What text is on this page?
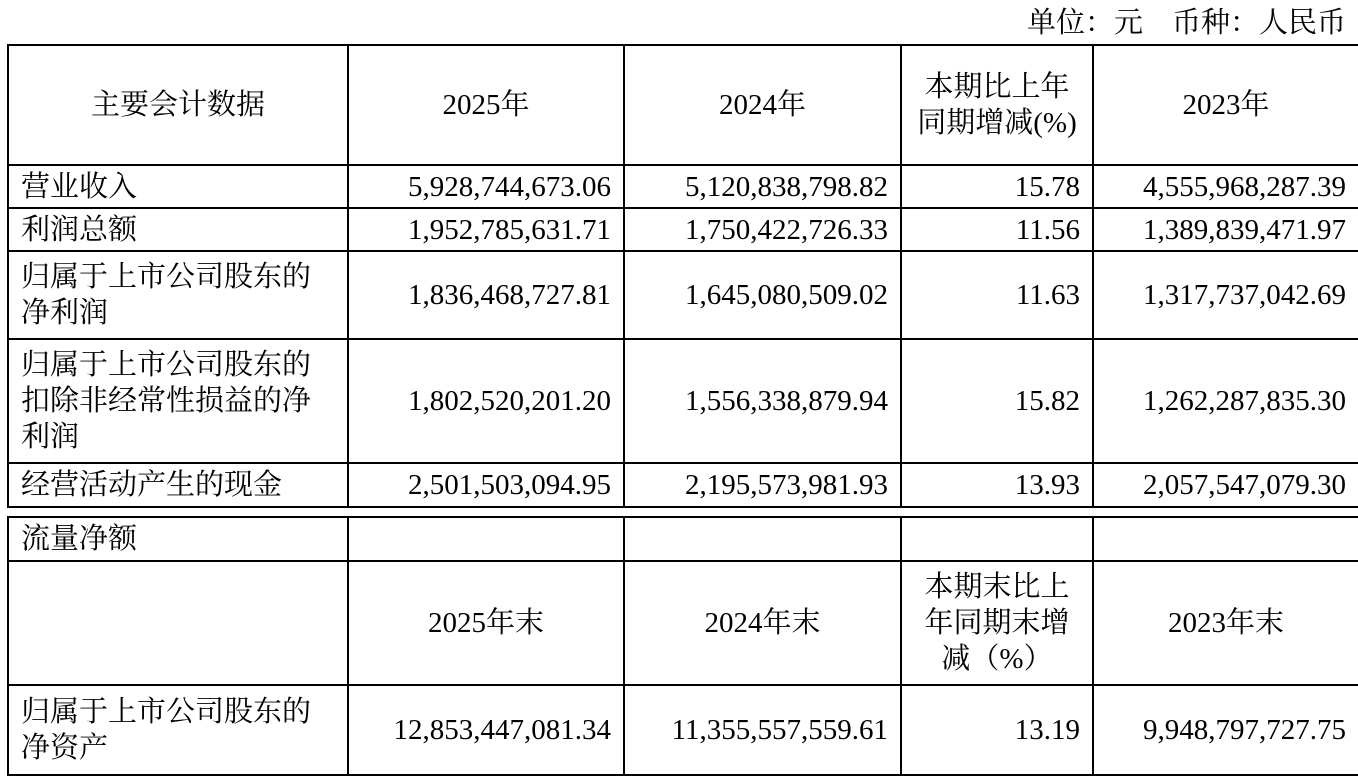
单位：元    币种：人民币
主要会计数据	2025年	2024年	本期比上年同期增减(%)	2023年
营业收入	5,928,744,673.06	5,120,838,798.82	15.78	4,555,968,287.39
利润总额	1,952,785,631.71	1,750,422,726.33	11.56	1,389,839,471.97
归属于上市公司股东的净利润	1,836,468,727.81	1,645,080,509.02	11.63	1,317,737,042.69
归属于上市公司股东的扣除非经常性损益的净利润	1,802,520,201.20	1,556,338,879.94	15.82	1,262,287,835.30
经营活动产生的现金	2,501,503,094.95	2,195,573,981.93	13.93	2,057,547,079.30
流量净额				
	2025年末	2024年末	本期末比上年同期末增减（%）	2023年末
归属于上市公司股东的净资产	12,853,447,081.34	11,355,557,559.61	13.19	9,948,797,727.75
